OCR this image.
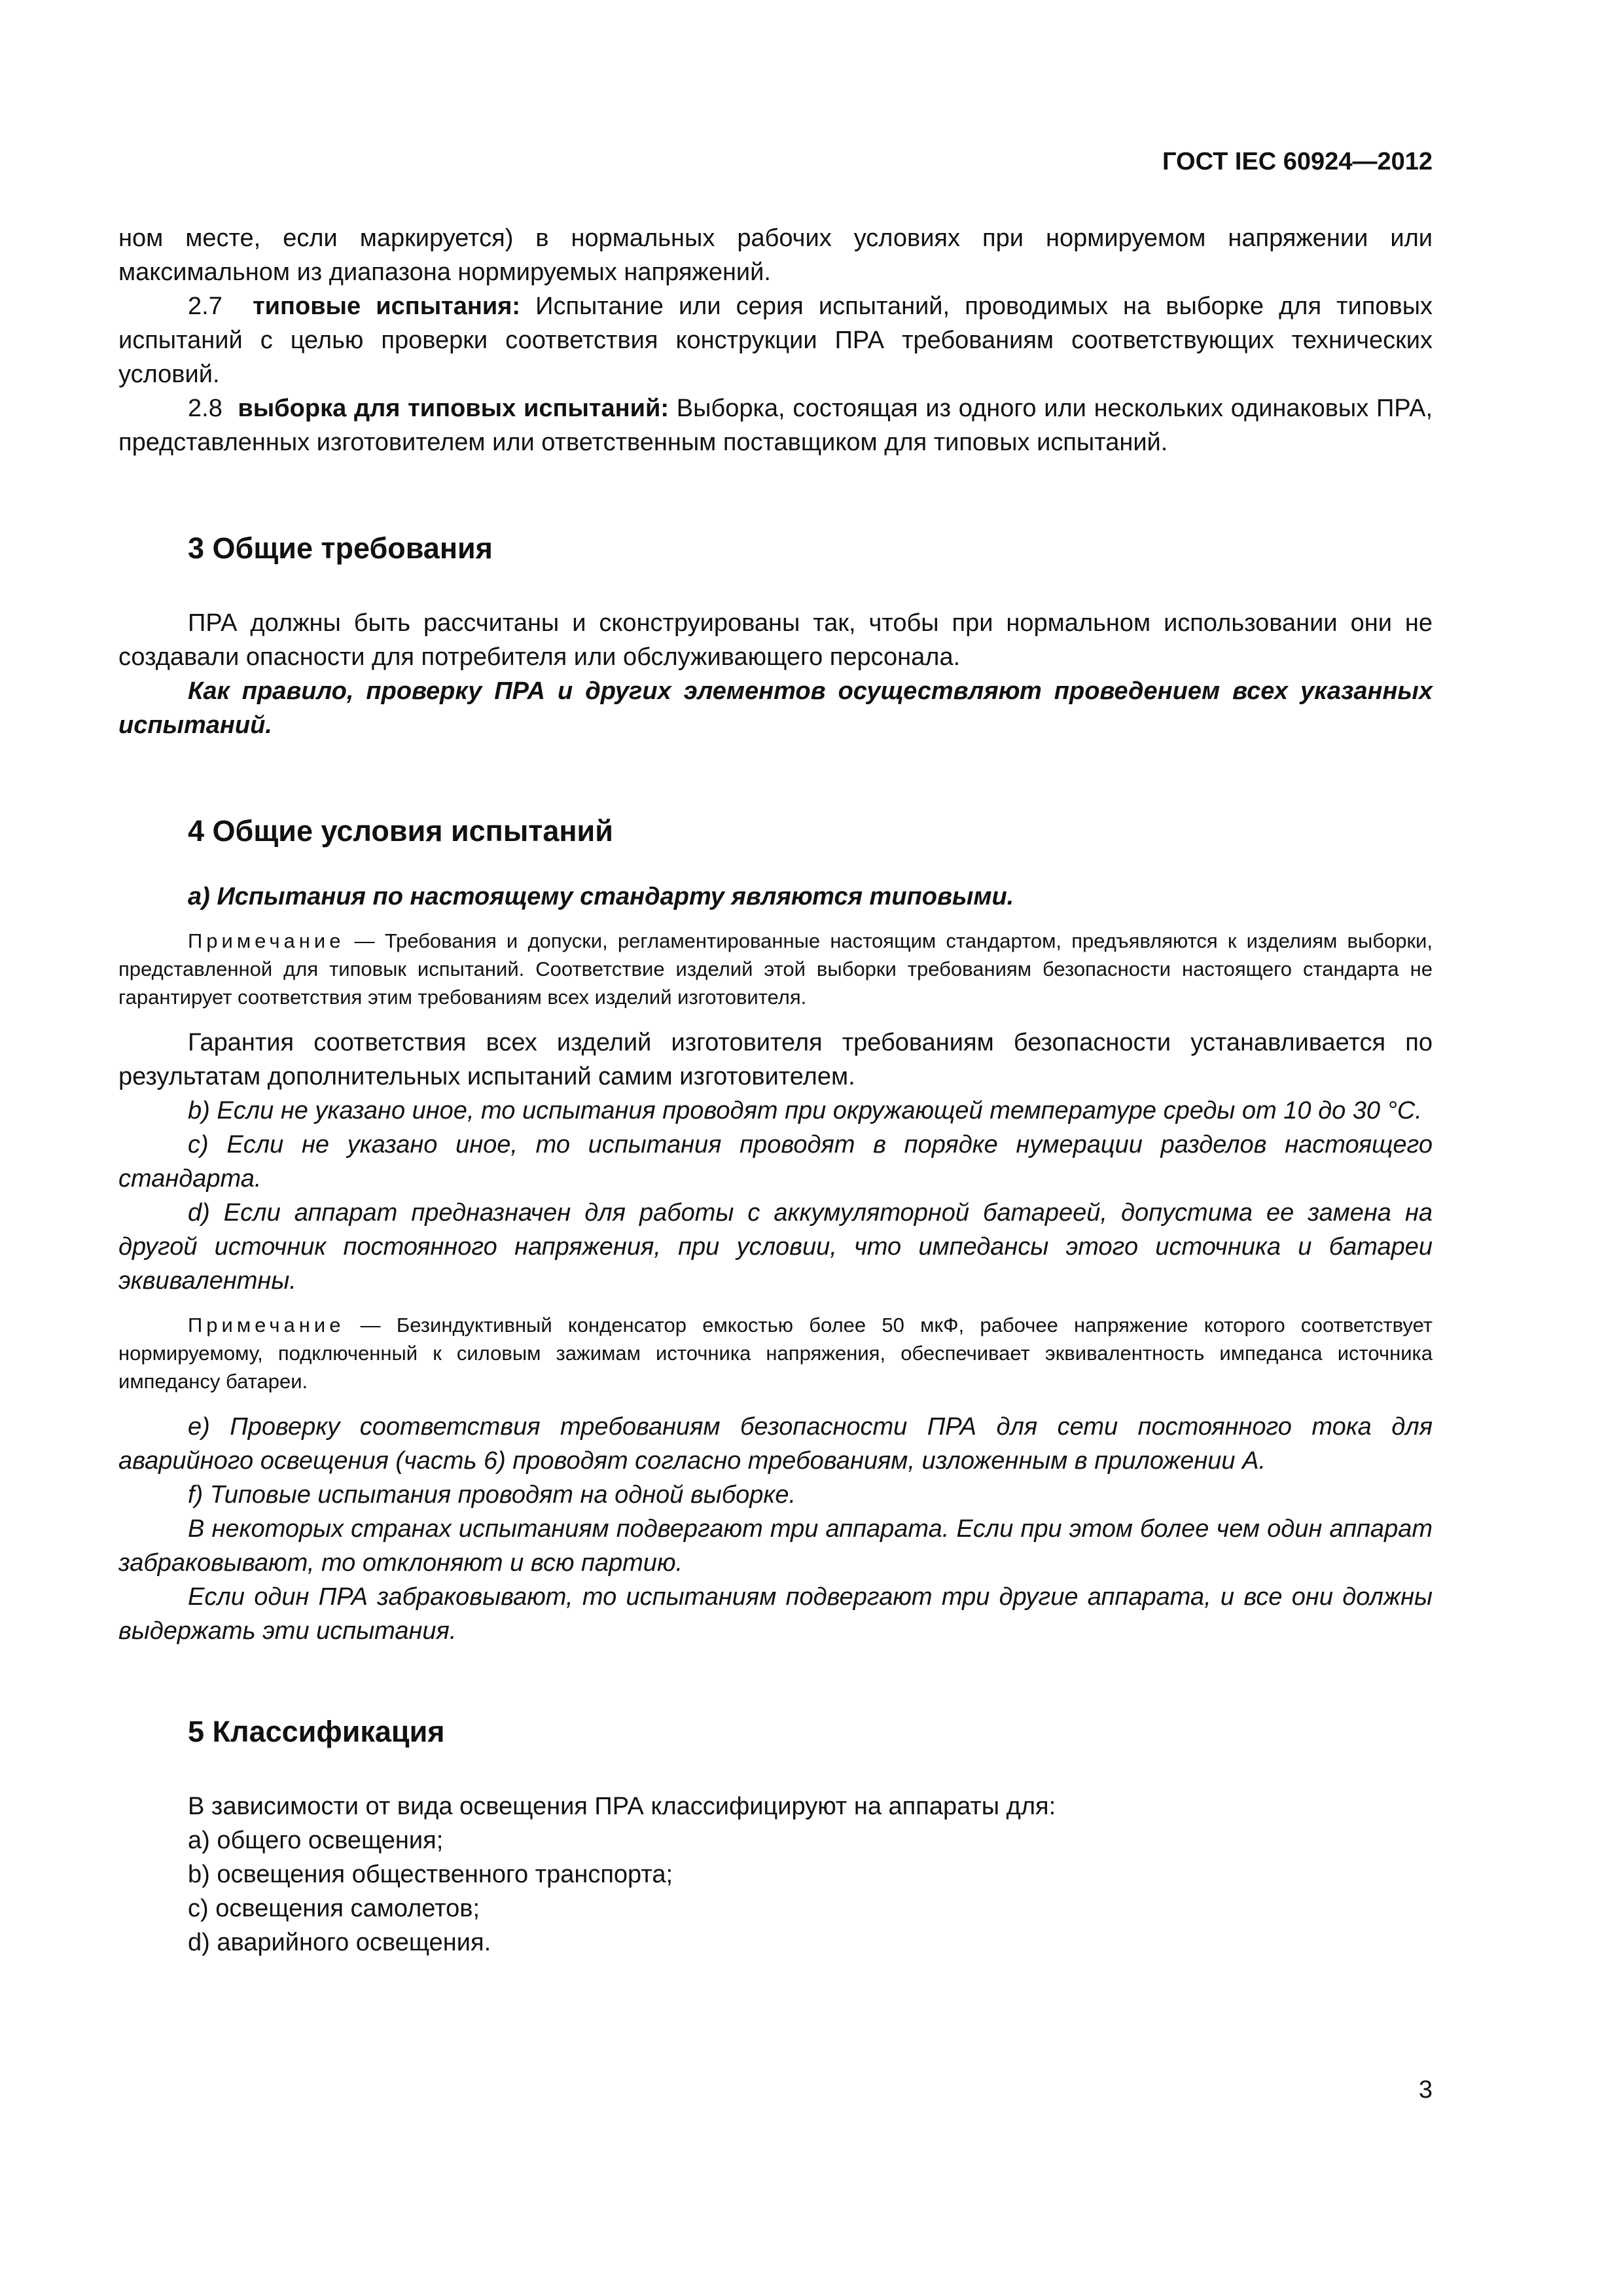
ГОСТ IEC 60924—2012

ном месте, если маркируется) в нормальных рабочих условиях при нормируемом напряжении или максимальном из диапазона нормируемых напряжений.

2.7 типовые испытания: Испытание или серия испытаний, проводимых на выборке для типовых испытаний с целью проверки соответствия конструкции ПРА требованиям соответствующих технических условий.

2.8 выборка для типовых испытаний: Выборка, состоящая из одного или нескольких одинаковых ПРА, представленных изготовителем или ответственным поставщиком для типовых испытаний.

3 Общие требования

ПРА должны быть рассчитаны и сконструированы так, чтобы при нормальном использовании они не создавали опасности для потребителя или обслуживающего персонала.

Как правило, проверку ПРА и других элементов осуществляют проведением всех указанных испытаний.

4 Общие условия испытаний

a) Испытания по настоящему стандарту являются типовыми.

Примечание — Требования и допуски, регламентированные настоящим стандартом, предъявляются к изделиям выборки, представленной для типовык испытаний. Соответствие изделий этой выборки требованиям безопасности настоящего стандарта не гарантирует соответствия этим требованиям всех изделий изготовителя.

Гарантия соответствия всех изделий изготовителя требованиям безопасности устанавливается по результатам дополнительных испытаний самим изготовителем.

b) Если не указано иное, то испытания проводят при окружающей температуре среды от 10 до 30 °С.

c) Если не указано иное, то испытания проводят в порядке нумерации разделов настоящего стандарта.

d) Если аппарат предназначен для работы с аккумуляторной батареей, допустима ее замена на другой источник постоянного напряжения, при условии, что импедансы этого источника и батареи эквивалентны.

Примечание — Безиндуктивный конденсатор емкостью более 50 мкФ, рабочее напряжение которого соответствует нормируемому, подключенный к силовым зажимам источника напряжения, обеспечивает эквивалентность импеданса источника импедансу батареи.

e) Проверку соответствия требованиям безопасности ПРА для сети постоянного тока для аварийного освещения (часть 6) проводят согласно требованиям, изложенным в приложении А.

f) Типовые испытания проводят на одной выборке.

В некоторых странах испытаниям подвергают три аппарата. Если при этом более чем один аппарат забраковывают, то отклоняют и всю партию.

Если один ПРА забраковывают, то испытаниям подвергают три другие аппарата, и все они должны выдержать эти испытания.

5 Классификация

В зависимости от вида освещения ПРА классифицируют на аппараты для:

a) общего освещения;

b) освещения общественного транспорта;

c) освещения самолетов;

d) аварийного освещения.

3
